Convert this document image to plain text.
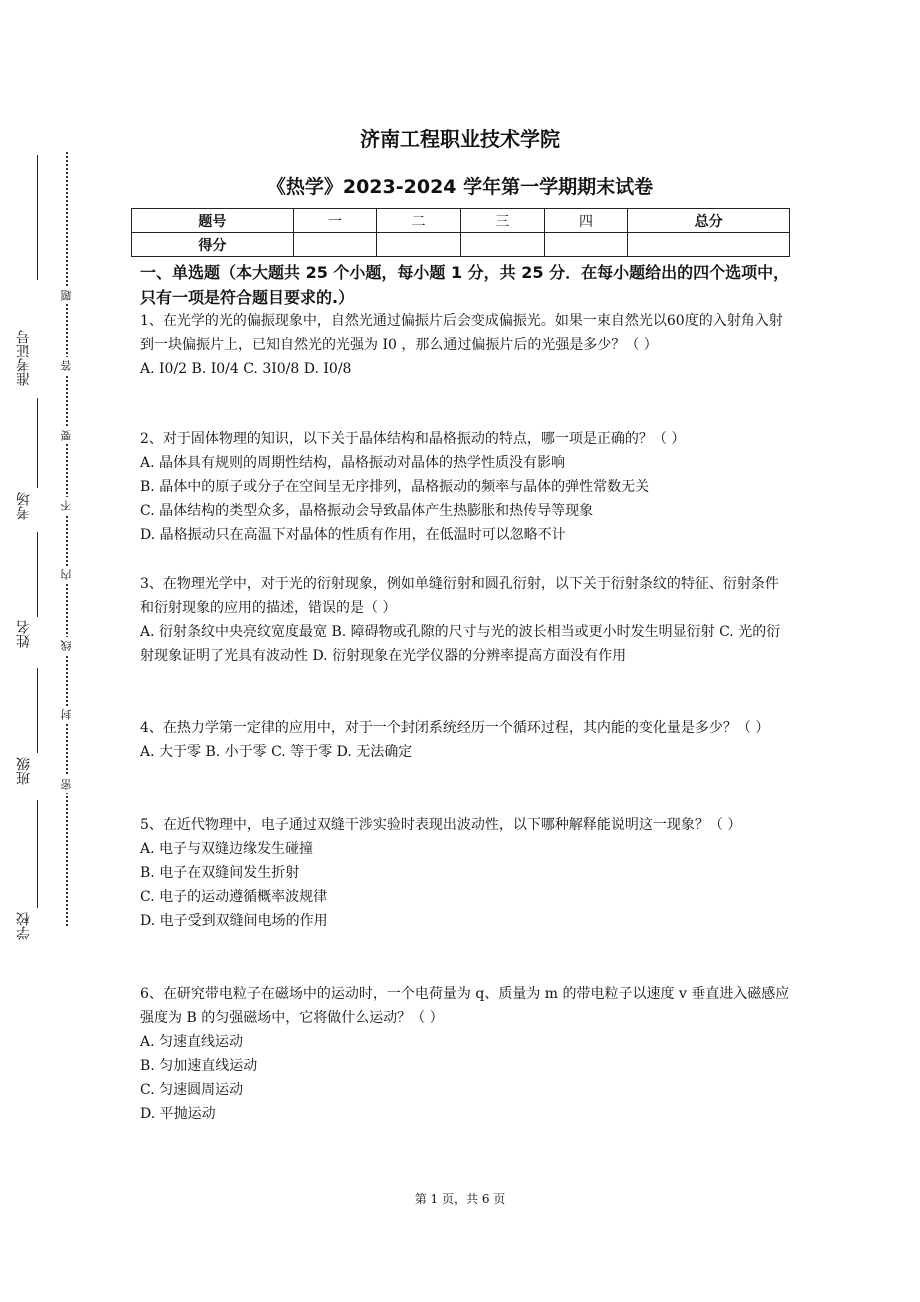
准考证号
考场
姓名
班级
学校
题
答
要
不
内
线
封
密
济南工程职业技术学院
《热学》2023-2024 学年第一学期期末试卷
题号	一	二	三	四	总分
得分					
一、单选题（本大题共 25 个小题，每小题 1 分，共 25 分．在每小题给出的四个选项中，只有一项是符合题目要求的.）

1、在光学的光的偏振现象中，自然光通过偏振片后会变成偏振光。如果一束自然光以60度的入射角入射到一块偏振片上，已知自然光的光强为 I0 ，那么通过偏振片后的光强是多少？（ ）

A. I0/2 B. I0/4 C. 3I0/8 D. I0/8

2、对于固体物理的知识，以下关于晶体结构和晶格振动的特点，哪一项是正确的？（ ）

A. 晶体具有规则的周期性结构，晶格振动对晶体的热学性质没有影响

B. 晶体中的原子或分子在空间呈无序排列，晶格振动的频率与晶体的弹性常数无关

C. 晶体结构的类型众多，晶格振动会导致晶体产生热膨胀和热传导等现象

D. 晶格振动只在高温下对晶体的性质有作用，在低温时可以忽略不计

3、在物理光学中，对于光的衍射现象，例如单缝衍射和圆孔衍射，以下关于衍射条纹的特征、衍射条件和衍射现象的应用的描述，错误的是（ ）

A. 衍射条纹中央亮纹宽度最宽 B. 障碍物或孔隙的尺寸与光的波长相当或更小时发生明显衍射 C. 光的衍射现象证明了光具有波动性 D. 衍射现象在光学仪器的分辨率提高方面没有作用

4、在热力学第一定律的应用中，对于一个封闭系统经历一个循环过程，其内能的变化量是多少？（ ）

A. 大于零 B. 小于零 C. 等于零 D. 无法确定

5、在近代物理中，电子通过双缝干涉实验时表现出波动性，以下哪种解释能说明这一现象？（ ）

A. 电子与双缝边缘发生碰撞

B. 电子在双缝间发生折射

C. 电子的运动遵循概率波规律

D. 电子受到双缝间电场的作用

6、在研究带电粒子在磁场中的运动时，一个电荷量为 q、质量为 m 的带电粒子以速度 v 垂直进入磁感应强度为 B 的匀强磁场中，它将做什么运动？（ ）

A. 匀速直线运动

B. 匀加速直线运动

C. 匀速圆周运动

D. 平抛运动

第 1 页，共 6 页
